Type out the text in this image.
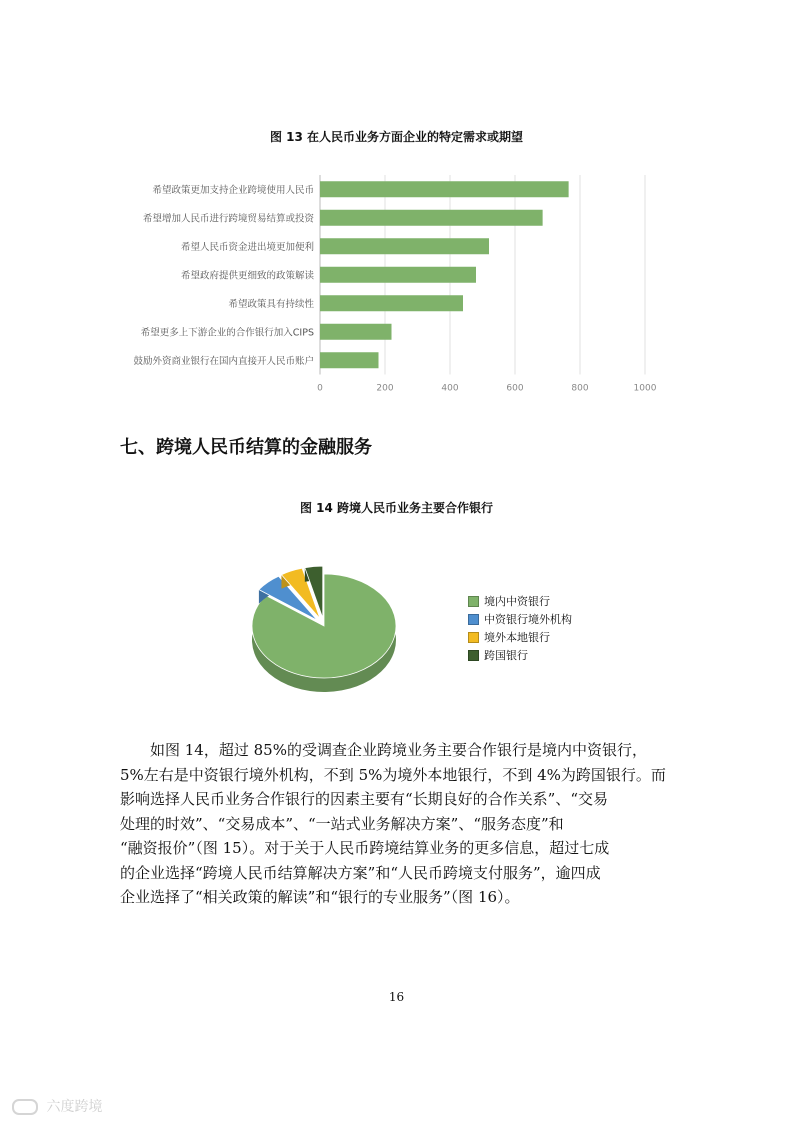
图 13 在人民币业务方面企业的特定需求或期望
0	200	400	600	800	1000
希望政策更加支持企业跨境使用人民币
希望增加人民币进行跨境贸易结算或投资
希望人民币资金进出境更加便利
希望政府提供更细致的政策解读
希望政策具有持续性
希望更多上下游企业的合作银行加入CIPS
鼓励外资商业银行在国内直接开人民币账户
七、跨境人民币结算的金融服务
图 14 跨境人民币业务主要合作银行
境内中资银行
中资银行境外机构
境外本地银行
跨国银行
如图 14，超过 85%的受调查企业跨境业务主要合作银行是境内中资银行，
5%左右是中资银行境外机构，不到 5%为境外本地银行，不到 4%为跨国银行。而
影响选择人民币业务合作银行的因素主要有“长期良好的合作关系”、“交易
处理的时效”、“交易成本”、“一站式业务解决方案”、“服务态度”和
“融资报价”（图 15）。对于关于人民币跨境结算业务的更多信息，超过七成
的企业选择“跨境人民币结算解决方案”和“人民币跨境支付服务”，逾四成
企业选择了“相关政策的解读”和“银行的专业服务”（图 16）。
16
六度跨境
